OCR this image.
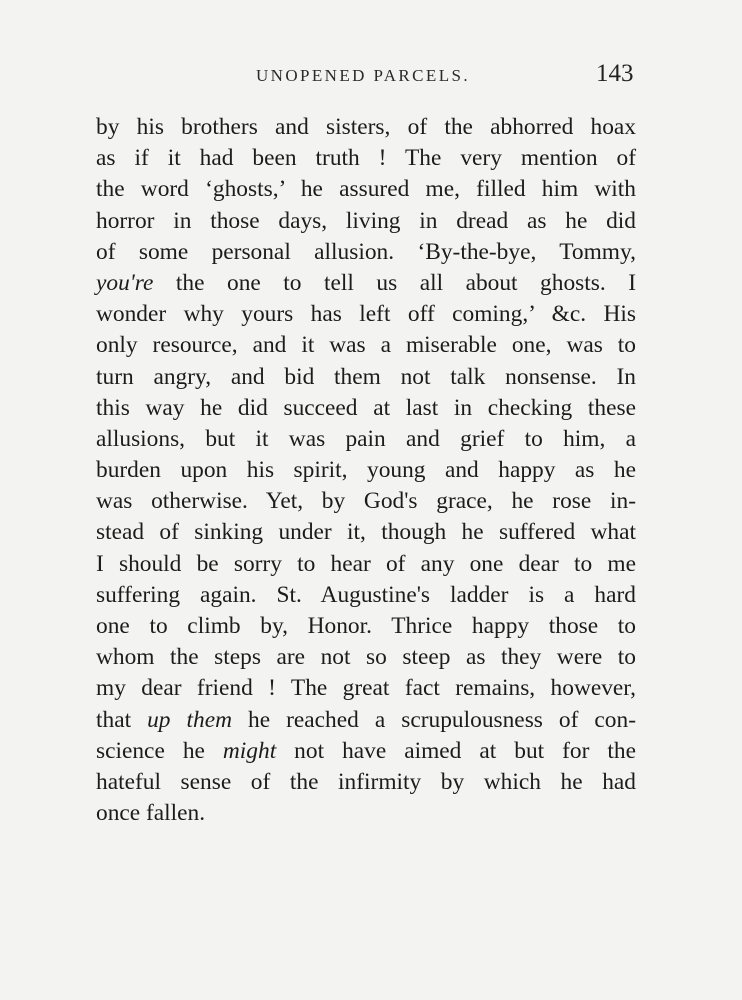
UNOPENED PARCELS.	143
by his brothers and sisters, of the abhorred hoax
as if it had been truth ! The very mention of
the word ‘ghosts,’ he assured me, filled him with
horror in those days, living in dread as he did
of some personal allusion. ‘By-the-bye, Tommy,
you're the one to tell us all about ghosts. I
wonder why yours has left off coming,’ &c. His
only resource, and it was a miserable one, was to
turn angry, and bid them not talk nonsense. In
this way he did succeed at last in checking these
allusions, but it was pain and grief to him, a
burden upon his spirit, young and happy as he
was otherwise. Yet, by God's grace, he rose in-
stead of sinking under it, though he suffered what
I should be sorry to hear of any one dear to me
suffering again. St. Augustine's ladder is a hard
one to climb by, Honor. Thrice happy those to
whom the steps are not so steep as they were to
my dear friend ! The great fact remains, however,
that up them he reached a scrupulousness of con-
science he might not have aimed at but for the
hateful sense of the infirmity by which he had
once fallen.
